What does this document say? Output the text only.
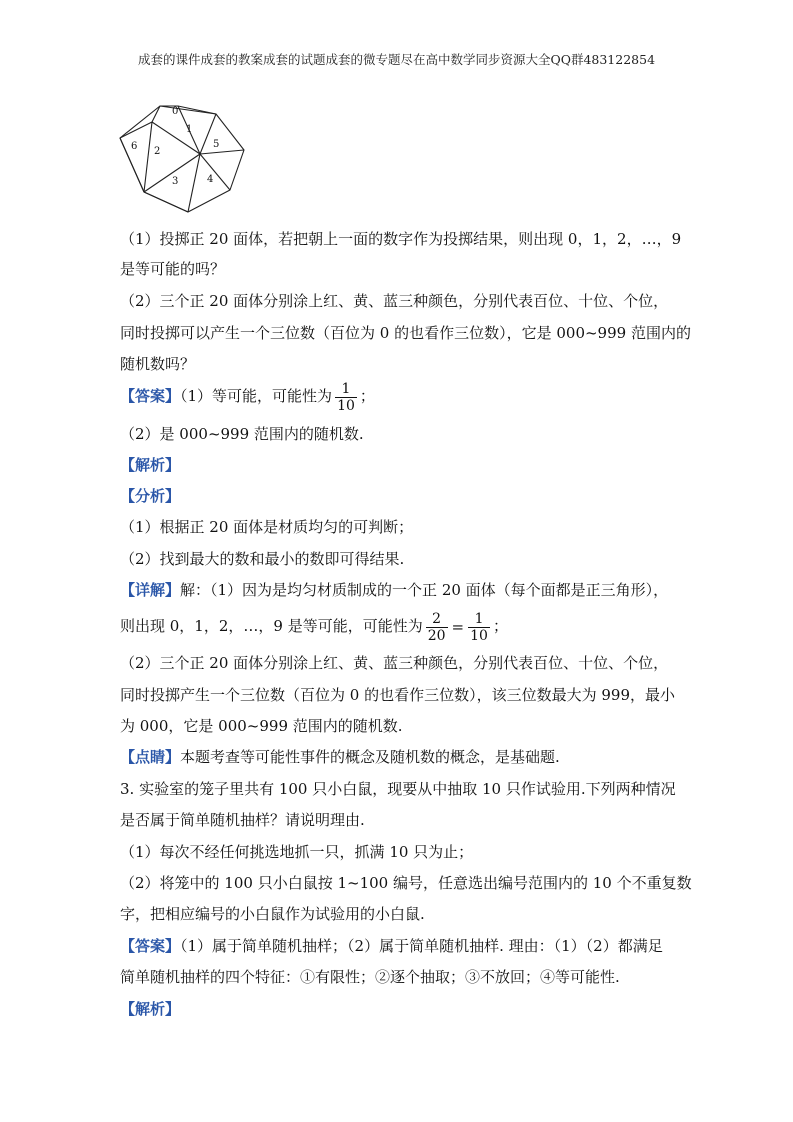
成套的课件成套的教案成套的试题成套的微专题尽在高中数学同步资源大全QQ群483122854
0
1
2
3	4
5
6
（1）投掷正 20 面体，若把朝上一面的数字作为投掷结果，则出现 0，1，2，…，9
是等可能的吗？
（2）三个正 20 面体分别涂上红、黄、蓝三种颜色，分别代表百位、十位、个位，
同时投掷可以产生一个三位数（百位为 0 的也看作三位数），它是 000~999 范围内的
随机数吗？
【答案】（1）等可能，可能性为 $\frac{1}{10}$ ；
（2）是 000~999 范围内的随机数.
【解析】
【分析】
（1）根据正 20 面体是材质均匀的可判断；
（2）找到最大的数和最小的数即可得结果.
【详解】解：（1）因为是均匀材质制成的一个正 20 面体（每个面都是正三角形），
则出现 0，1，2，…，9 是等可能，可能性为 $\frac{2}{20} = \frac{1}{10}$ ；
（2）三个正 20 面体分别涂上红、黄、蓝三种颜色，分别代表百位、十位、个位，
同时投掷产生一个三位数（百位为 0 的也看作三位数），该三位数最大为 999，最小
为 000，它是 000~999 范围内的随机数.
【点睛】本题考查等可能性事件的概念及随机数的概念，是基础题.
3. 实验室的笼子里共有 100 只小白鼠，现要从中抽取 10 只作试验用.下列两种情况
是否属于简单随机抽样？请说明理由.
（1）每次不经任何挑选地抓一只，抓满 10 只为止；
（2）将笼中的 100 只小白鼠按 1~100 编号，任意选出编号范围内的 10 个不重复数
字，把相应编号的小白鼠作为试验用的小白鼠.
【答案】（1）属于简单随机抽样；（2）属于简单随机抽样. 理由：（1）（2）都满足
简单随机抽样的四个特征：①有限性；②逐个抽取；③不放回；④等可能性.
【解析】
